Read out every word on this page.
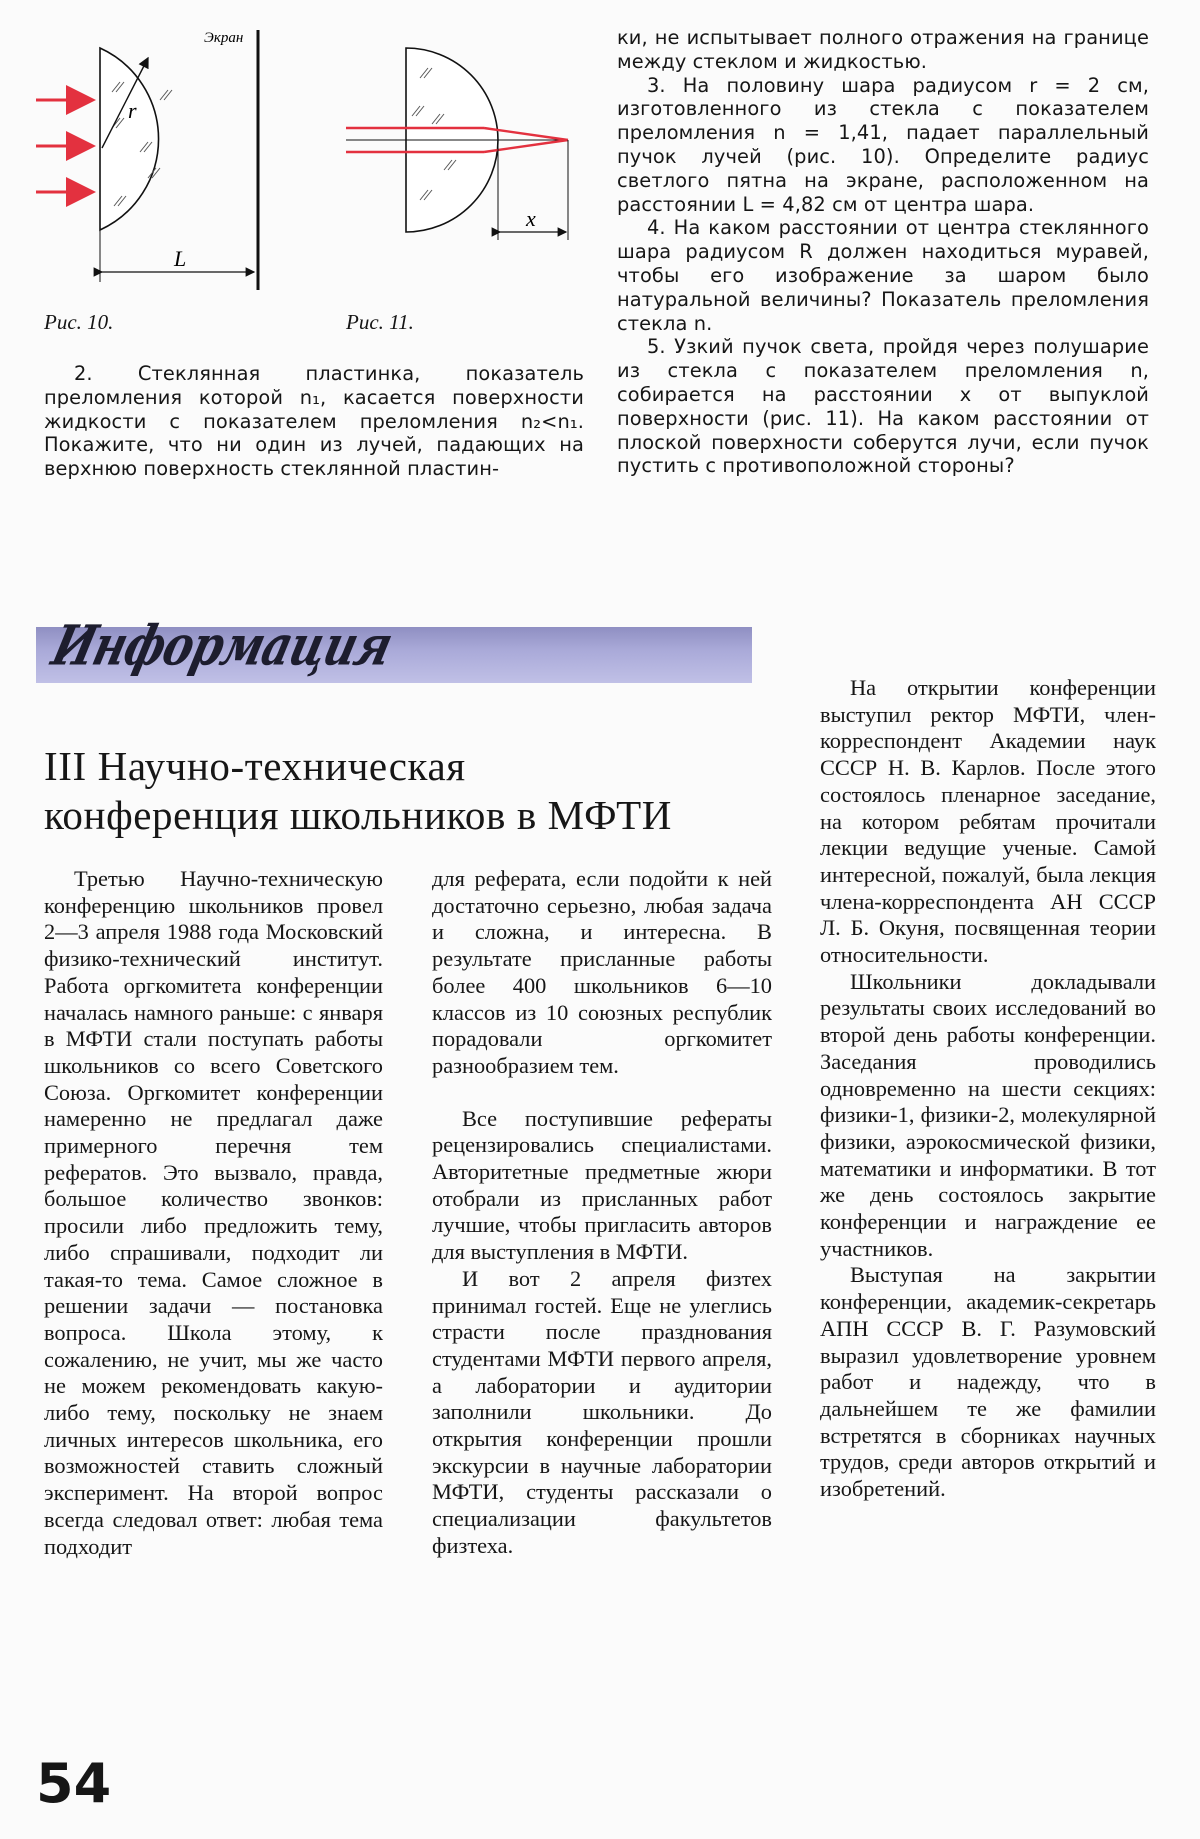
r
Экран
L
x
Рис. 10.	Рис. 11.

2. Стеклянная пластинка, показатель преломления которой n₁, касается поверхности жидкости с показателем преломления n₂<n₁. Покажите, что ни один из лучей, падающих на верхнюю поверхность стеклянной пластин-

ки, не испытывает полного отражения на границе между стеклом и жидкостью.

3. На половину шара радиусом r = 2 см, изготовленного из стекла с показателем преломления n = 1,41, падает параллельный пучок лучей (рис. 10). Определите радиус светлого пятна на экране, расположенном на расстоянии L = 4,82 см от центра шара.

4. На каком расстоянии от центра стеклянного шара радиусом R должен находиться муравей, чтобы его изображение за шаром было натуральной величины? Показатель преломления стекла n.

5. Узкий пучок света, пройдя через полушарие из стекла с показателем преломления n, собирается на расстоянии x от выпуклой поверхности (рис. 11). На каком расстоянии от плоской поверхности соберутся лучи, если пучок пустить с противоположной стороны?

Информация
III Научно-техническая
конференция школьников в МФТИ

Третью Научно-техническую конференцию школьников провел 2—3 апреля 1988 года Московский физико-технический институт. Работа оргкомитета конференции началась намного раньше: с января в МФТИ стали поступать работы школьников со всего Советского Союза. Оргкомитет конференции намеренно не предлагал даже примерного перечня тем рефератов. Это вызвало, правда, большое количество звонков: просили либо предложить тему, либо спрашивали, подходит ли такая-то тема. Самое сложное в решении задачи — постановка вопроса. Школа этому, к сожалению, не учит, мы же часто не можем рекомендовать какую-либо тему, поскольку не знаем личных интересов школьника, его возможностей ставить сложный эксперимент. На второй вопрос всегда следовал ответ: любая тема подходит

для реферата, если подойти к ней достаточно серьезно, любая задача и сложна, и интересна. В результате присланные работы более 400 школьников 6—10 классов из 10 союзных республик порадовали оргкомитет разнообразием тем.

Все поступившие рефераты рецензировались специалистами. Авторитетные предметные жюри отобрали из присланных работ лучшие, чтобы пригласить авторов для выступления в МФТИ.

И вот 2 апреля физтех принимал гостей. Еще не улеглись страсти после празднования студентами МФТИ первого апреля, а лаборатории и аудитории заполнили школьники. До открытия конференции прошли экскурсии в научные лаборатории МФТИ, студенты рассказали о специализации факультетов физтеха.

На открытии конференции выступил ректор МФТИ, член-корреспондент Академии наук СССР Н. В. Карлов. После этого состоялось пленарное заседание, на котором ребятам прочитали лекции ведущие ученые. Самой интересной, пожалуй, была лекция члена-корреспондента АН СССР Л. Б. Окуня, посвященная теории относительности.

Школьники докладывали результаты своих исследований во второй день работы конференции. Заседания проводились одновременно на шести секциях: физики-1, физики-2, молекулярной физики, аэрокосмической физики, математики и информатики. В тот же день состоялось закрытие конференции и награждение ее участников.

Выступая на закрытии конференции, академик-секретарь АПН СССР В. Г. Разумовский выразил удовлетворение уровнем работ и надежду, что в дальнейшем те же фамилии встретятся в сборниках научных трудов, среди авторов открытий и изобретений.

54
